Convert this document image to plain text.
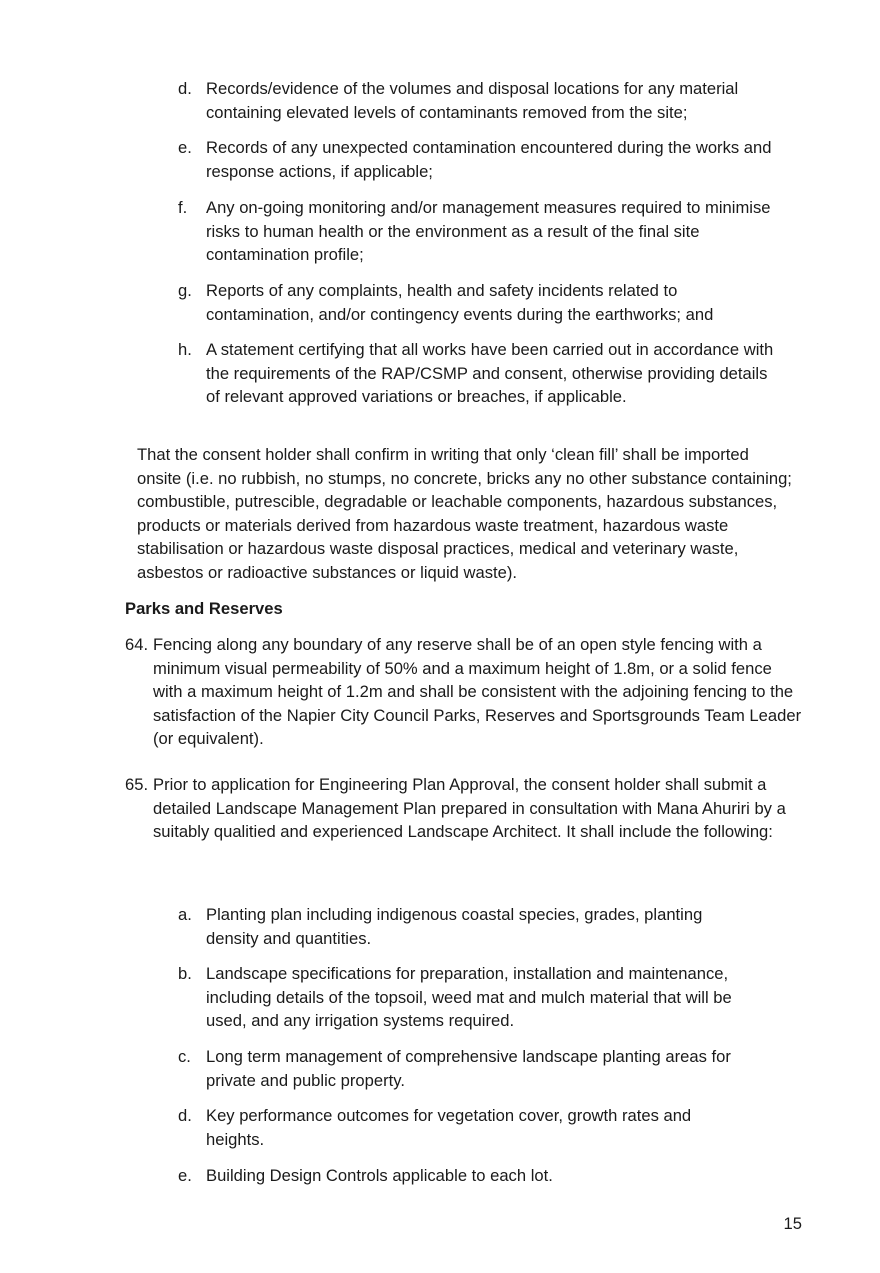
d. Records/evidence of the volumes and disposal locations for any material containing elevated levels of contaminants removed from the site;
e. Records of any unexpected contamination encountered during the works and response actions, if applicable;
f.	Any on-going monitoring and/or management measures required to minimise risks to human health or the environment as a result of the final site contamination profile;
g. Reports of any complaints, health and safety incidents related to contamination, and/or contingency events during the earthworks; and
h. A statement certifying that all works have been carried out in accordance with the requirements of the RAP/CSMP and consent, otherwise providing details of relevant approved variations or breaches, if applicable.
That the consent holder shall confirm in writing that only ‘clean fill’ shall be imported onsite (i.e. no rubbish, no stumps, no concrete, bricks any no other substance containing; combustible, putrescible, degradable or leachable components, hazardous substances, products or materials derived from hazardous waste treatment, hazardous waste stabilisation or hazardous waste disposal practices, medical and veterinary waste, asbestos or radioactive substances or liquid waste).
Parks and Reserves
64. Fencing along any boundary of any reserve shall be of an open style fencing with a minimum visual permeability of 50% and a maximum height of 1.8m, or a solid fence with a maximum height of 1.2m and shall be consistent with the adjoining fencing to the satisfaction of the Napier City Council Parks, Reserves and Sportsgrounds Team Leader (or equivalent).
65. Prior to application for Engineering Plan Approval, the consent holder shall submit a detailed Landscape Management Plan prepared in consultation with Mana Ahuriri by a suitably qualitied and experienced Landscape Architect. It shall include the following:
a. Planting plan including indigenous coastal species, grades, planting density and quantities.
b. Landscape specifications for preparation, installation and maintenance, including details of the topsoil, weed mat and mulch material that will be used, and any irrigation systems required.
c. Long term management of comprehensive landscape planting areas for private and public property.
d. Key performance outcomes for vegetation cover, growth rates and heights.
e. Building Design Controls applicable to each lot.
15
